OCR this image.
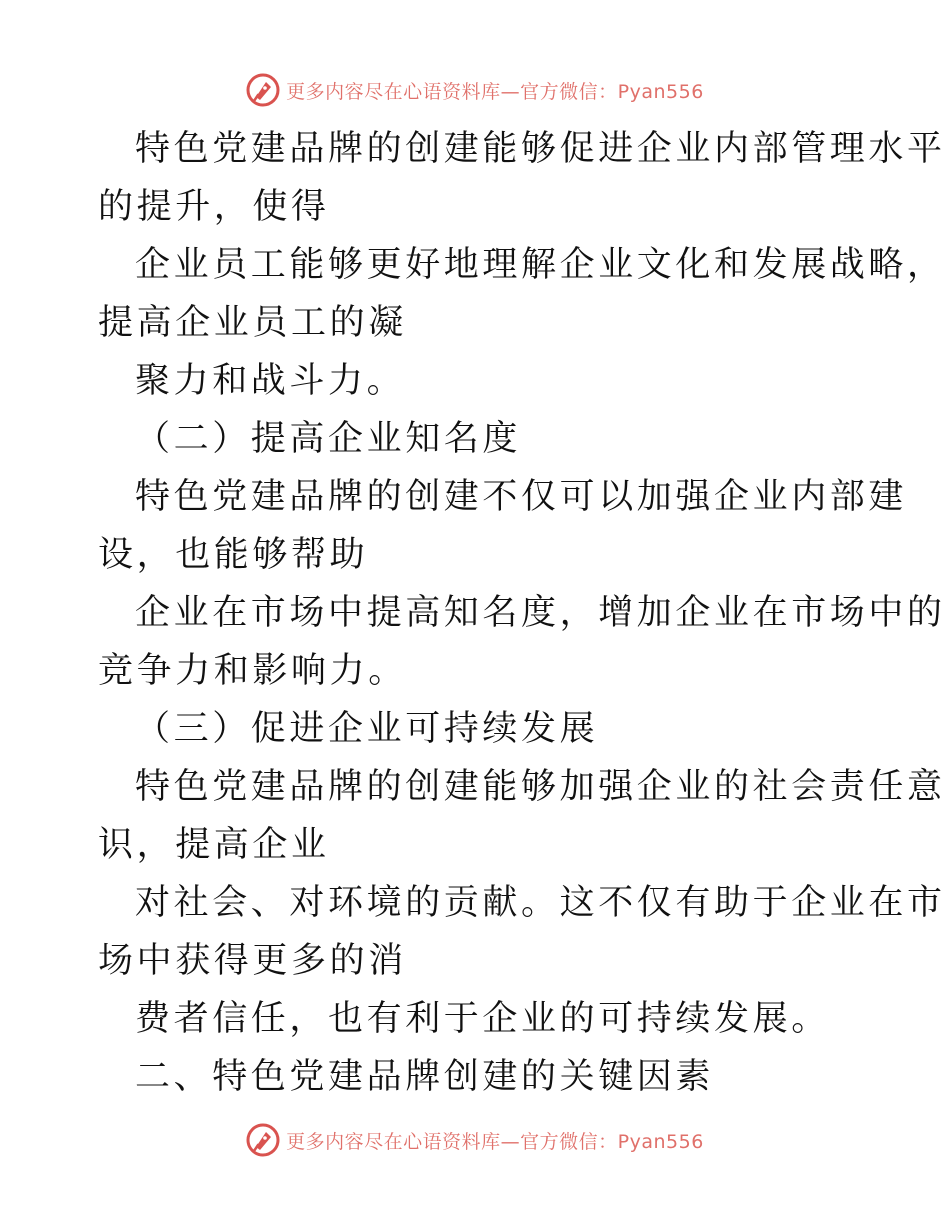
更多内容尽在心语资料库—官方微信：Pyan556
特色党建品牌的创建能够促进企业内部管理水平
的提升，使得
企业员工能够更好地理解企业文化和发展战略，
提高企业员工的凝
聚力和战斗力。
（二）提高企业知名度
特色党建品牌的创建不仅可以加强企业内部建
设，也能够帮助
企业在市场中提高知名度，增加企业在市场中的
竞争力和影响力。
（三）促进企业可持续发展
特色党建品牌的创建能够加强企业的社会责任意
识，提高企业
对社会、对环境的贡献。这不仅有助于企业在市
场中获得更多的消
费者信任，也有利于企业的可持续发展。
二、特色党建品牌创建的关键因素
更多内容尽在心语资料库—官方微信：Pyan556
